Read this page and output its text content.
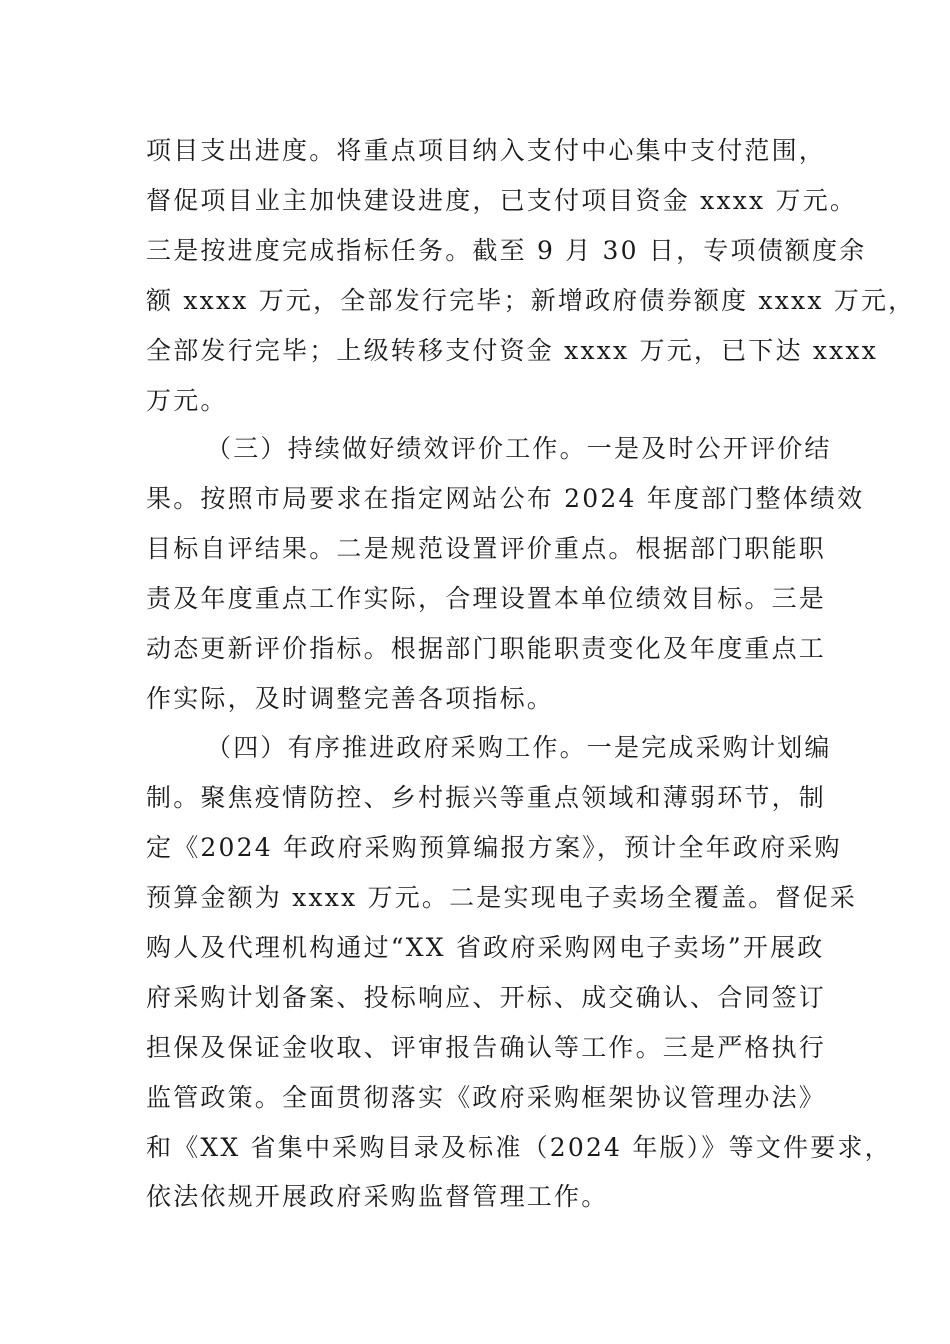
项目支出进度。将重点项目纳入支付中心集中支付范围，
督促项目业主加快建设进度，已支付项目资金 xxxx 万元。
三是按进度完成指标任务。截至 9 月 30 日，专项债额度余
额 xxxx 万元，全部发行完毕；新增政府债券额度 xxxx 万元，
全部发行完毕；上级转移支付资金 xxxx 万元，已下达 xxxx
万元。
（三）持续做好绩效评价工作。一是及时公开评价结
果。按照市局要求在指定网站公布 2024 年度部门整体绩效
目标自评结果。二是规范设置评价重点。根据部门职能职
责及年度重点工作实际，合理设置本单位绩效目标。三是
动态更新评价指标。根据部门职能职责变化及年度重点工
作实际，及时调整完善各项指标。
（四）有序推进政府采购工作。一是完成采购计划编
制。聚焦疫情防控、乡村振兴等重点领域和薄弱环节，制
定《2024 年政府采购预算编报方案》，预计全年政府采购
预算金额为 xxxx 万元。二是实现电子卖场全覆盖。督促采
购人及代理机构通过“XX 省政府采购网电子卖场”开展政
府采购计划备案、投标响应、开标、成交确认、合同签订
担保及保证金收取、评审报告确认等工作。三是严格执行
监管政策。全面贯彻落实《政府采购框架协议管理办法》
和《XX 省集中采购目录及标准（2024 年版）》等文件要求，
依法依规开展政府采购监督管理工作。
